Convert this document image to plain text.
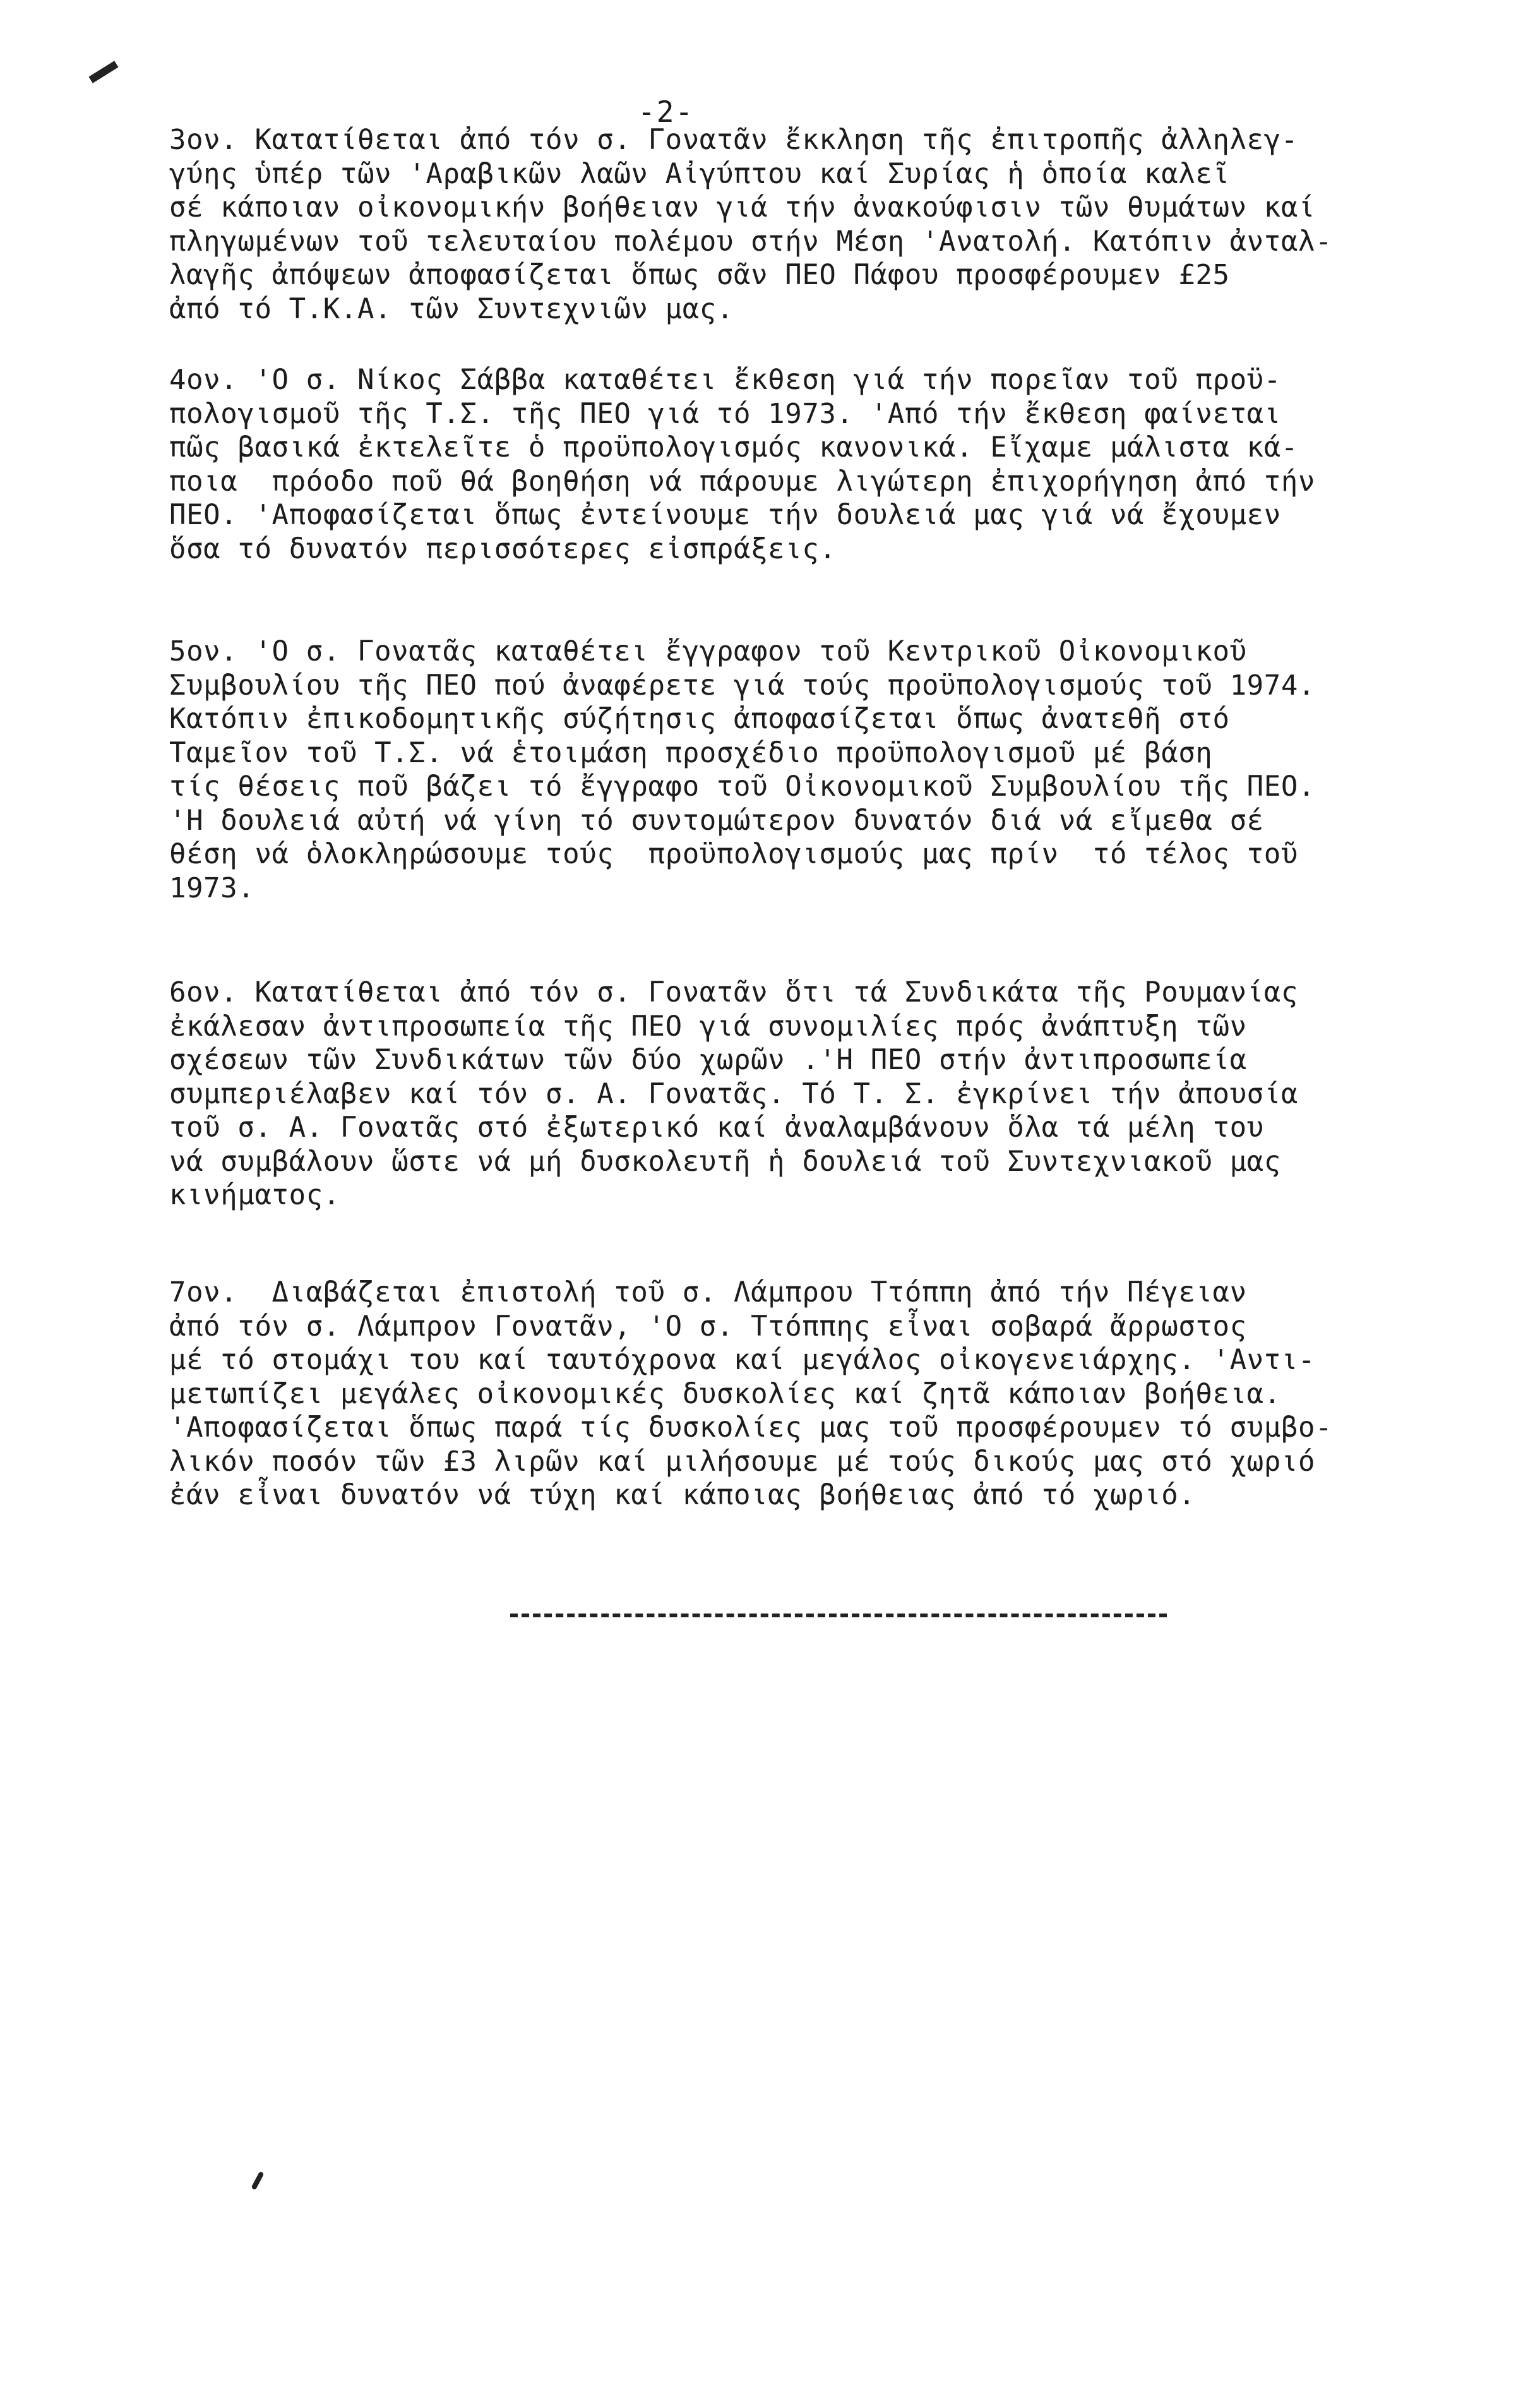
-2-
3ον. Κατατίθεται ἀπό τόν σ. Γονατᾶν ἔκκληση τῆς ἐπιτροπῆς ἀλληλεγ-
γύης ὑπέρ τῶν 'Αραβικῶν λαῶν Αἰγύπτου καί Συρίας ἡ ὁποία καλεῖ
σέ κάποιαν οἰκονομικήν βοήθειαν γιά τήν ἀνακούφισιν τῶν θυμάτων καί
πληγωμένων τοῦ τελευταίου πολέμου στήν Μέση 'Ανατολή. Κατόπιν ἀνταλ-
λαγῆς ἀπόψεων ἀποφασίζεται ὅπως σᾶν ΠΕΟ Πάφου προσφέρουμεν £25
ἀπό τό Τ.Κ.Α. τῶν Συντεχνιῶν μας.
4ον. 'Ο σ. Νίκος Σάββα καταθέτει ἔκθεση γιά τήν πορεῖαν τοῦ προϋ-
πολογισμοῦ τῆς Τ.Σ. τῆς ΠΕΟ γιά τό 1973. 'Από τήν ἔκθεση φαίνεται
πῶς βασικά ἐκτελεῖτε ὁ προϋπολογισμός κανονικά. Εἴχαμε μάλιστα κά-
ποια  πρόοδο ποῦ θά βοηθήση νά πάρουμε λιγώτερη ἐπιχορήγηση ἀπό τήν
ΠΕΟ. 'Αποφασίζεται ὅπως ἐντείνουμε τήν δουλειά μας γιά νά ἔχουμεν
ὅσα τό δυνατόν περισσότερες εἰσπράξεις.
5ον. 'Ο σ. Γονατᾶς καταθέτει ἔγγραφον τοῦ Κεντρικοῦ Οἰκονομικοῦ
Συμβουλίου τῆς ΠΕΟ πού ἀναφέρετε γιά τούς προϋπολογισμούς τοῦ 1974.
Κατόπιν ἐπικοδομητικῆς σύζήτησις ἀποφασίζεται ὅπως ἀνατεθῆ στό
Ταμεῖον τοῦ Τ.Σ. νά ἑτοιμάση προσχέδιο προϋπολογισμοῦ μέ βάση
τίς θέσεις ποῦ βάζει τό ἔγγραφο τοῦ Οἰκονομικοῦ Συμβουλίου τῆς ΠΕΟ.
'Η δουλειά αὐτή νά γίνη τό συντομώτερον δυνατόν διά νά εἴμεθα σέ
θέση νά ὁλοκληρώσουμε τούς  προϋπολογισμούς μας πρίν  τό τέλος τοῦ
1973.
6ον. Κατατίθεται ἀπό τόν σ. Γονατᾶν ὅτι τά Συνδικάτα τῆς Ρουμανίας
ἐκάλεσαν ἀντιπροσωπεία τῆς ΠΕΟ γιά συνομιλίες πρός ἀνάπτυξη τῶν
σχέσεων τῶν Συνδικάτων τῶν δύο χωρῶν .'Η ΠΕΟ στήν ἀντιπροσωπεία
συμπεριέλαβεν καί τόν σ. Α. Γονατᾶς. Τό Τ. Σ. ἐγκρίνει τήν ἀπουσία
τοῦ σ. Α. Γονατᾶς στό ἐξωτερικό καί ἀναλαμβάνουν ὅλα τά μέλη του
νά συμβάλουν ὥστε νά μή δυσκολευτῆ ἡ δουλειά τοῦ Συντεχνιακοῦ μας
κινήματος.
7ον.  Διαβάζεται ἐπιστολή τοῦ σ. Λάμπρου Ττόππη ἀπό τήν Πέγειαν
ἀπό τόν σ. Λάμπρον Γονατᾶν, 'Ο σ. Ττόππης εἶναι σοβαρά ἄρρωστος
μέ τό στομάχι του καί ταυτόχρονα καί μεγάλος οἰκογενειάρχης. 'Αντι-
μετωπίζει μεγάλες οἰκονομικές δυσκολίες καί ζητᾶ κάποιαν βοήθεια.
'Αποφασίζεται ὅπως παρά τίς δυσκολίες μας τοῦ προσφέρουμεν τό συμβο-
λικόν ποσόν τῶν £3 λιρῶν καί μιλήσουμε μέ τούς δικούς μας στό χωριό
ἐάν εἶναι δυνατόν νά τύχη καί κάποιας βοήθειας ἀπό τό χωριό.
